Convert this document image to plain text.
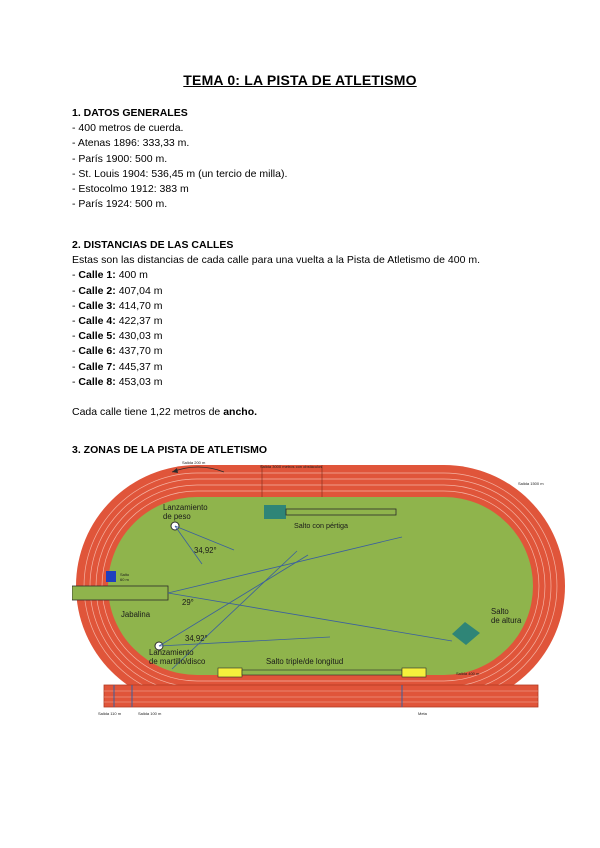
TEMA 0: LA PISTA DE ATLETISMO
1. DATOS GENERALES
- 400 metros de cuerda.
- Atenas 1896: 333,33 m.
- París 1900: 500 m.
- St. Louis 1904: 536,45 m (un tercio de milla).
- Estocolmo 1912: 383 m
- París 1924: 500 m.
2. DISTANCIAS DE LAS CALLES
Estas son las distancias de cada calle para una vuelta a la Pista de Atletismo de 400 m.
- Calle 1: 400 m
- Calle 2: 407,04 m
- Calle 3: 414,70 m
- Calle 4: 422,37 m
- Calle 5: 430,03 m
- Calle 6: 437,70 m
- Calle 7: 445,37 m
- Calle 8: 453,03 m
Cada calle tiene 1,22 metros de ancho.
3. ZONAS DE LA PISTA DE ATLETISMO
Lanzamiento de peso
34,92°
Salto con pértiga
Jabalina
29°
Lanzamiento de martillo/disco
34,92°
Salto de altura
Salto triple/de longitud
Salida 3000 metros con obstáculos
Salida 1500 m
Salida 200 m
Salto 60 m
Salida 110 m	Salida 100 m	Meta
Salida 400 m
